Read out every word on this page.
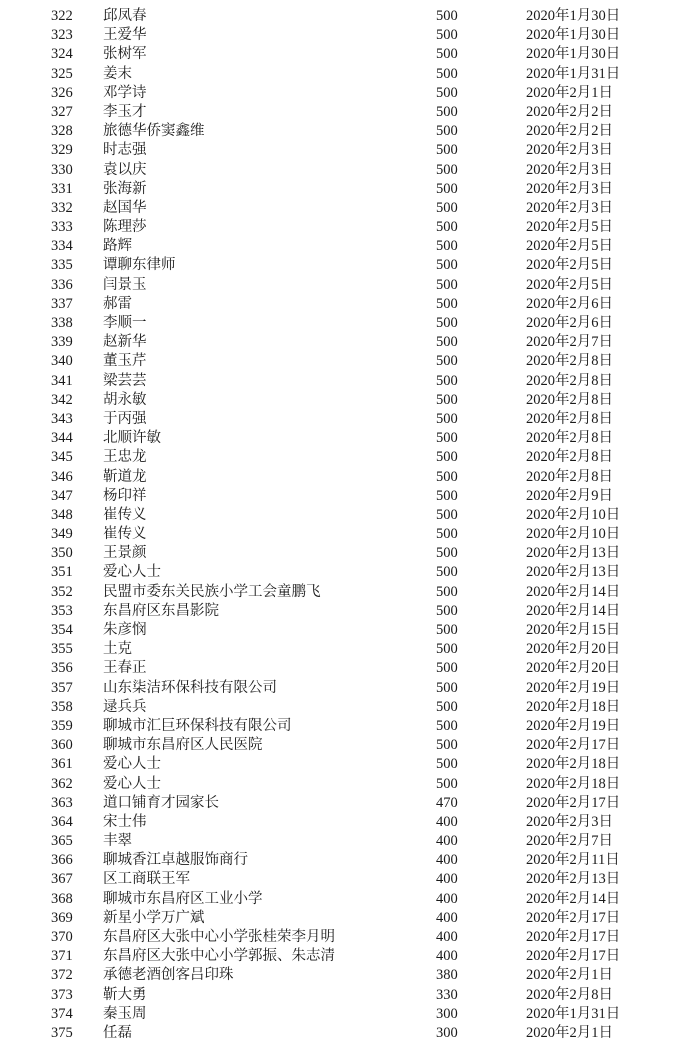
322 邱凤春	500	2020年1月30日
323 王爱华	500	2020年1月30日
324 张树军	500	2020年1月30日
325 姜末	500	2020年1月31日
326 邓学诗	500	2020年2月1日
327 李玉才	500	2020年2月2日
328 旅德华侨窦鑫维	500	2020年2月2日
329 时志强	500	2020年2月3日
330 袁以庆	500	2020年2月3日
331 张海新	500	2020年2月3日
332 赵国华	500	2020年2月3日
333 陈理莎	500	2020年2月5日
334 路辉	500	2020年2月5日
335 谭聊东律师	500	2020年2月5日
336 闫景玉	500	2020年2月5日
337 郝雷	500	2020年2月6日
338 李顺一	500	2020年2月6日
339 赵新华	500	2020年2月7日
340 董玉芹	500	2020年2月8日
341 梁芸芸	500	2020年2月8日
342 胡永敏	500	2020年2月8日
343 于丙强	500	2020年2月8日
344 北顺许敏	500	2020年2月8日
345 王忠龙	500	2020年2月8日
346 靳道龙	500	2020年2月8日
347 杨印祥	500	2020年2月9日
348 崔传义	500	2020年2月10日
349 崔传义	500	2020年2月10日
350 王景颜	500	2020年2月13日
351 爱心人士	500	2020年2月13日
352 民盟市委东关民族小学工会童鹏飞	500	2020年2月14日
353 东昌府区东昌影院	500	2020年2月14日
354 朱彦悯	500	2020年2月15日
355 土克	500	2020年2月20日
356 王春正	500	2020年2月20日
357 山东柒洁环保科技有限公司	500	2020年2月19日
358 逯兵兵	500	2020年2月18日
359 聊城市汇巨环保科技有限公司	500	2020年2月19日
360 聊城市东昌府区人民医院	500	2020年2月17日
361 爱心人士	500	2020年2月18日
362 爱心人士	500	2020年2月18日
363 道口铺育才园家长	470	2020年2月17日
364 宋士伟	400	2020年2月3日
365 丰翠	400	2020年2月7日
366 聊城香江卓越服饰商行	400	2020年2月11日
367 区工商联王军	400	2020年2月13日
368 聊城市东昌府区工业小学	400	2020年2月14日
369 新星小学万广斌	400	2020年2月17日
370 东昌府区大张中心小学张桂荣李月明	400	2020年2月17日
371 东昌府区大张中心小学郭振、朱志清	400	2020年2月17日
372 承德老酒创客吕印珠	380	2020年2月1日
373 靳大勇	330	2020年2月8日
374 秦玉周	300	2020年1月31日
375 任磊	300	2020年2月1日
